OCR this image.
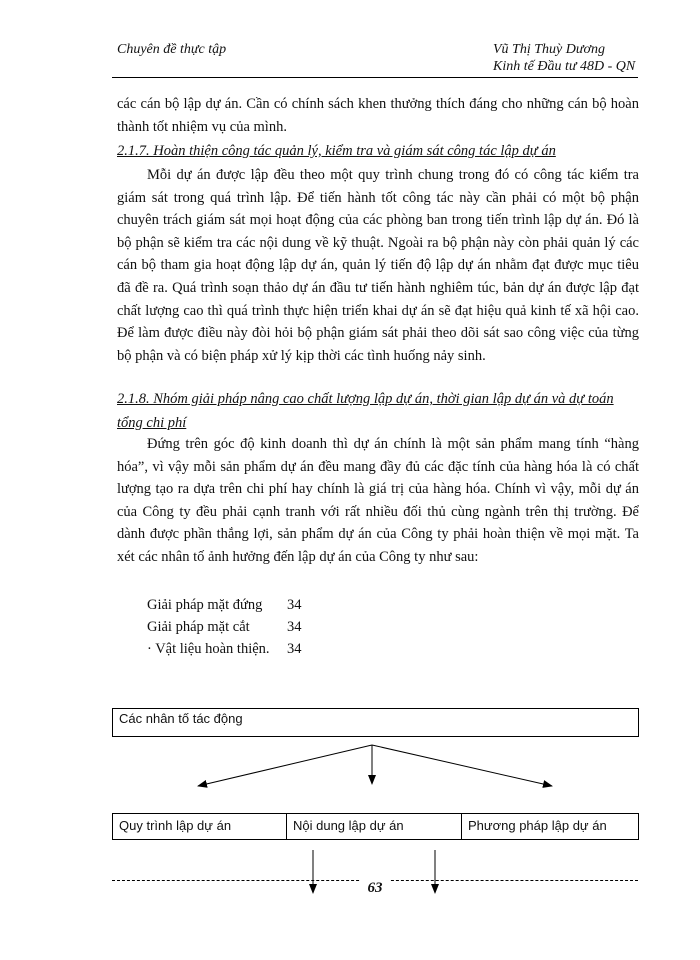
Chuyên đề thực tập	Vũ Thị Thuỳ Dương
Kinh tế Đầu tư 48D - QN

các cán bộ lập dự án. Cần có chính sách khen thưởng thích đáng cho những cán bộ hoàn thành tốt nhiệm vụ của mình.

2.1.7. Hoàn thiện công tác quản lý, kiểm tra và giám sát công tác lập dự án

Mỗi dự án được lập đều theo một quy trình chung trong đó có công tác kiểm tra giám sát trong quá trình lập. Để tiến hành tốt công tác này cần phải có một bộ phận chuyên trách giám sát mọi hoạt động của các phòng ban trong tiến trình lập dự án. Đó là bộ phận sẽ kiểm tra các nội dung về kỹ thuật. Ngoài ra bộ phận này còn phải quản lý các cán bộ tham gia hoạt động lập dự án, quản lý tiến độ lập dự án nhằm đạt được mục tiêu đã đề ra. Quá trình soạn thảo dự án đầu tư tiến hành nghiêm túc, bản dự án được lập đạt chất lượng cao thì quá trình thực hiện triển khai dự án sẽ đạt hiệu quả kinh tế xã hội cao. Để làm được điều này đòi hỏi bộ phận giám sát phải theo dõi sát sao công việc của từng bộ phận và có biện pháp xử lý kịp thời các tình huống nảy sinh.

2.1.8. Nhóm giải pháp nâng cao chất lượng lập dự án, thời gian lập dự án và dự toán tổng chi phí

Đứng trên góc độ kinh doanh thì dự án chính là một sản phẩm mang tính “hàng hóa”, vì vậy mỗi sản phẩm dự án đều mang đầy đủ các đặc tính của hàng hóa là có chất lượng tạo ra dựa trên chi phí hay chính là giá trị của hàng hóa. Chính vì vậy, mỗi dự án của Công ty đều phải cạnh tranh với rất nhiều đối thủ cùng ngành trên thị trường. Để dành được phần thắng lợi, sản phẩm dự án của Công ty phải hoàn thiện về mọi mặt. Ta xét các nhân tố ảnh hưởng đến lập dự án của Công ty như sau:

Giải pháp mặt đứng 34
Giải pháp mặt cắt	34
· Vật liệu hoàn thiện. 34
Các nhân tố tác động
Quy trình lập dự án	Nội dung lập dự án	Phương pháp lập dự án
63
